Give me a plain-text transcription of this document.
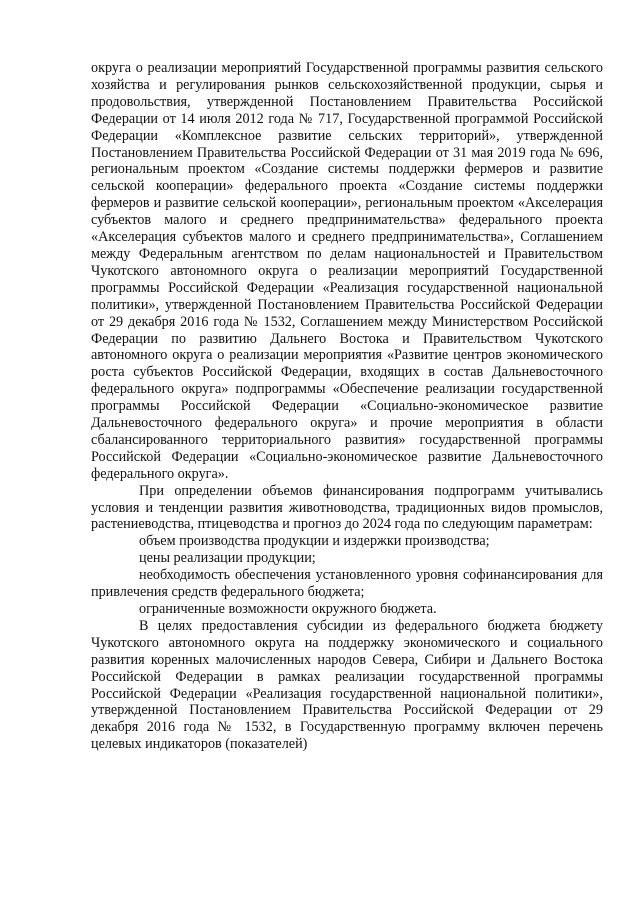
округа о реализации мероприятий Государственной программы развития сельского хозяйства и регулирования рынков сельскохозяйственной продукции, сырья и продовольствия, утвержденной Постановлением Правительства Российской Федерации от 14 июля 2012 года № 717, Государственной программой Российской Федерации «Комплексное развитие сельских территорий», утвержденной Постановлением Правительства Российской Федерации от 31 мая 2019 года № 696, региональным проектом «Создание системы поддержки фермеров и развитие сельской кооперации» федерального проекта «Создание системы поддержки фермеров и развитие сельской кооперации», региональным проектом «Акселерация субъектов малого и среднего предпринимательства» федерального проекта «Акселерация субъектов малого и среднего предпринимательства», Соглашением между Федеральным агентством по делам национальностей и Правительством Чукотского автономного округа о реализации мероприятий Государственной программы Российской Федерации «Реализация государственной национальной политики», утвержденной Постановлением Правительства Российской Федерации от 29 декабря 2016 года № 1532, Соглашением между Министерством Российской Федерации по развитию Дальнего Востока и Правительством Чукотского автономного округа о реализации мероприятия «Развитие центров экономического роста субъектов Российской Федерации, входящих в состав Дальневосточного федерального округа» подпрограммы «Обеспечение реализации государственной программы Российской Федерации «Социально-экономическое развитие Дальневосточного федерального округа» и прочие мероприятия в области сбалансированного территориального развития» государственной программы Российской Федерации «Социально-экономическое развитие Дальневосточного федерального округа».

При определении объемов финансирования подпрограмм учитывались условия и тенденции развития животноводства, традиционных видов промыслов, растениеводства, птицеводства и прогноз до 2024 года по следующим параметрам:

объем производства продукции и издержки производства;

цены реализации продукции;

необходимость обеспечения установленного уровня софинансирования для привлечения средств федерального бюджета;

ограниченные возможности окружного бюджета.

В целях предоставления субсидии из федерального бюджета бюджету Чукотского автономного округа на поддержку экономического и социального развития коренных малочисленных народов Севера, Сибири и Дальнего Востока Российской Федерации в рамках реализации государственной программы Российской Федерации «Реализация государственной национальной политики», утвержденной Постановлением Правительства Российской Федерации от 29 декабря 2016 года № 1532, в Государственную программу включен перечень целевых индикаторов (показателей)
